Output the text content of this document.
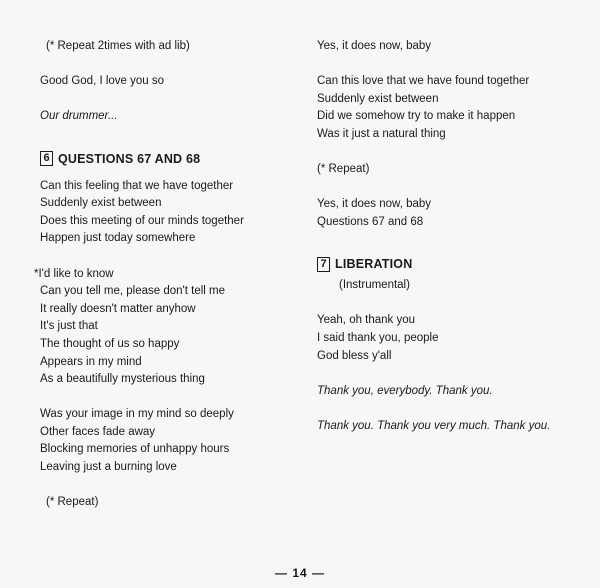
(* Repeat 2times with ad lib)
Good God, I love you so
Our drummer...
6 QUESTIONS 67 AND 68
Can this feeling that we have together
Suddenly exist between
Does this meeting of our minds together
Happen just today somewhere
*I'd like to know
Can you tell me, please don't tell me
It really doesn't matter anyhow
It's just that
The thought of us so happy
Appears in my mind
As a beautifully mysterious thing
Was your image in my mind so deeply
Other faces fade away
Blocking memories of unhappy hours
Leaving just a burning love
(* Repeat)
Yes, it does now, baby
Can this love that we have found together
Suddenly exist between
Did we somehow try to make it happen
Was it just a natural thing
(* Repeat)
Yes, it does now, baby
Questions 67 and 68
7 LIBERATION
(Instrumental)
Yeah, oh thank you
I said thank you, people
God bless y'all
Thank you, everybody. Thank you.
Thank you. Thank you very much. Thank you.
— 14 —
